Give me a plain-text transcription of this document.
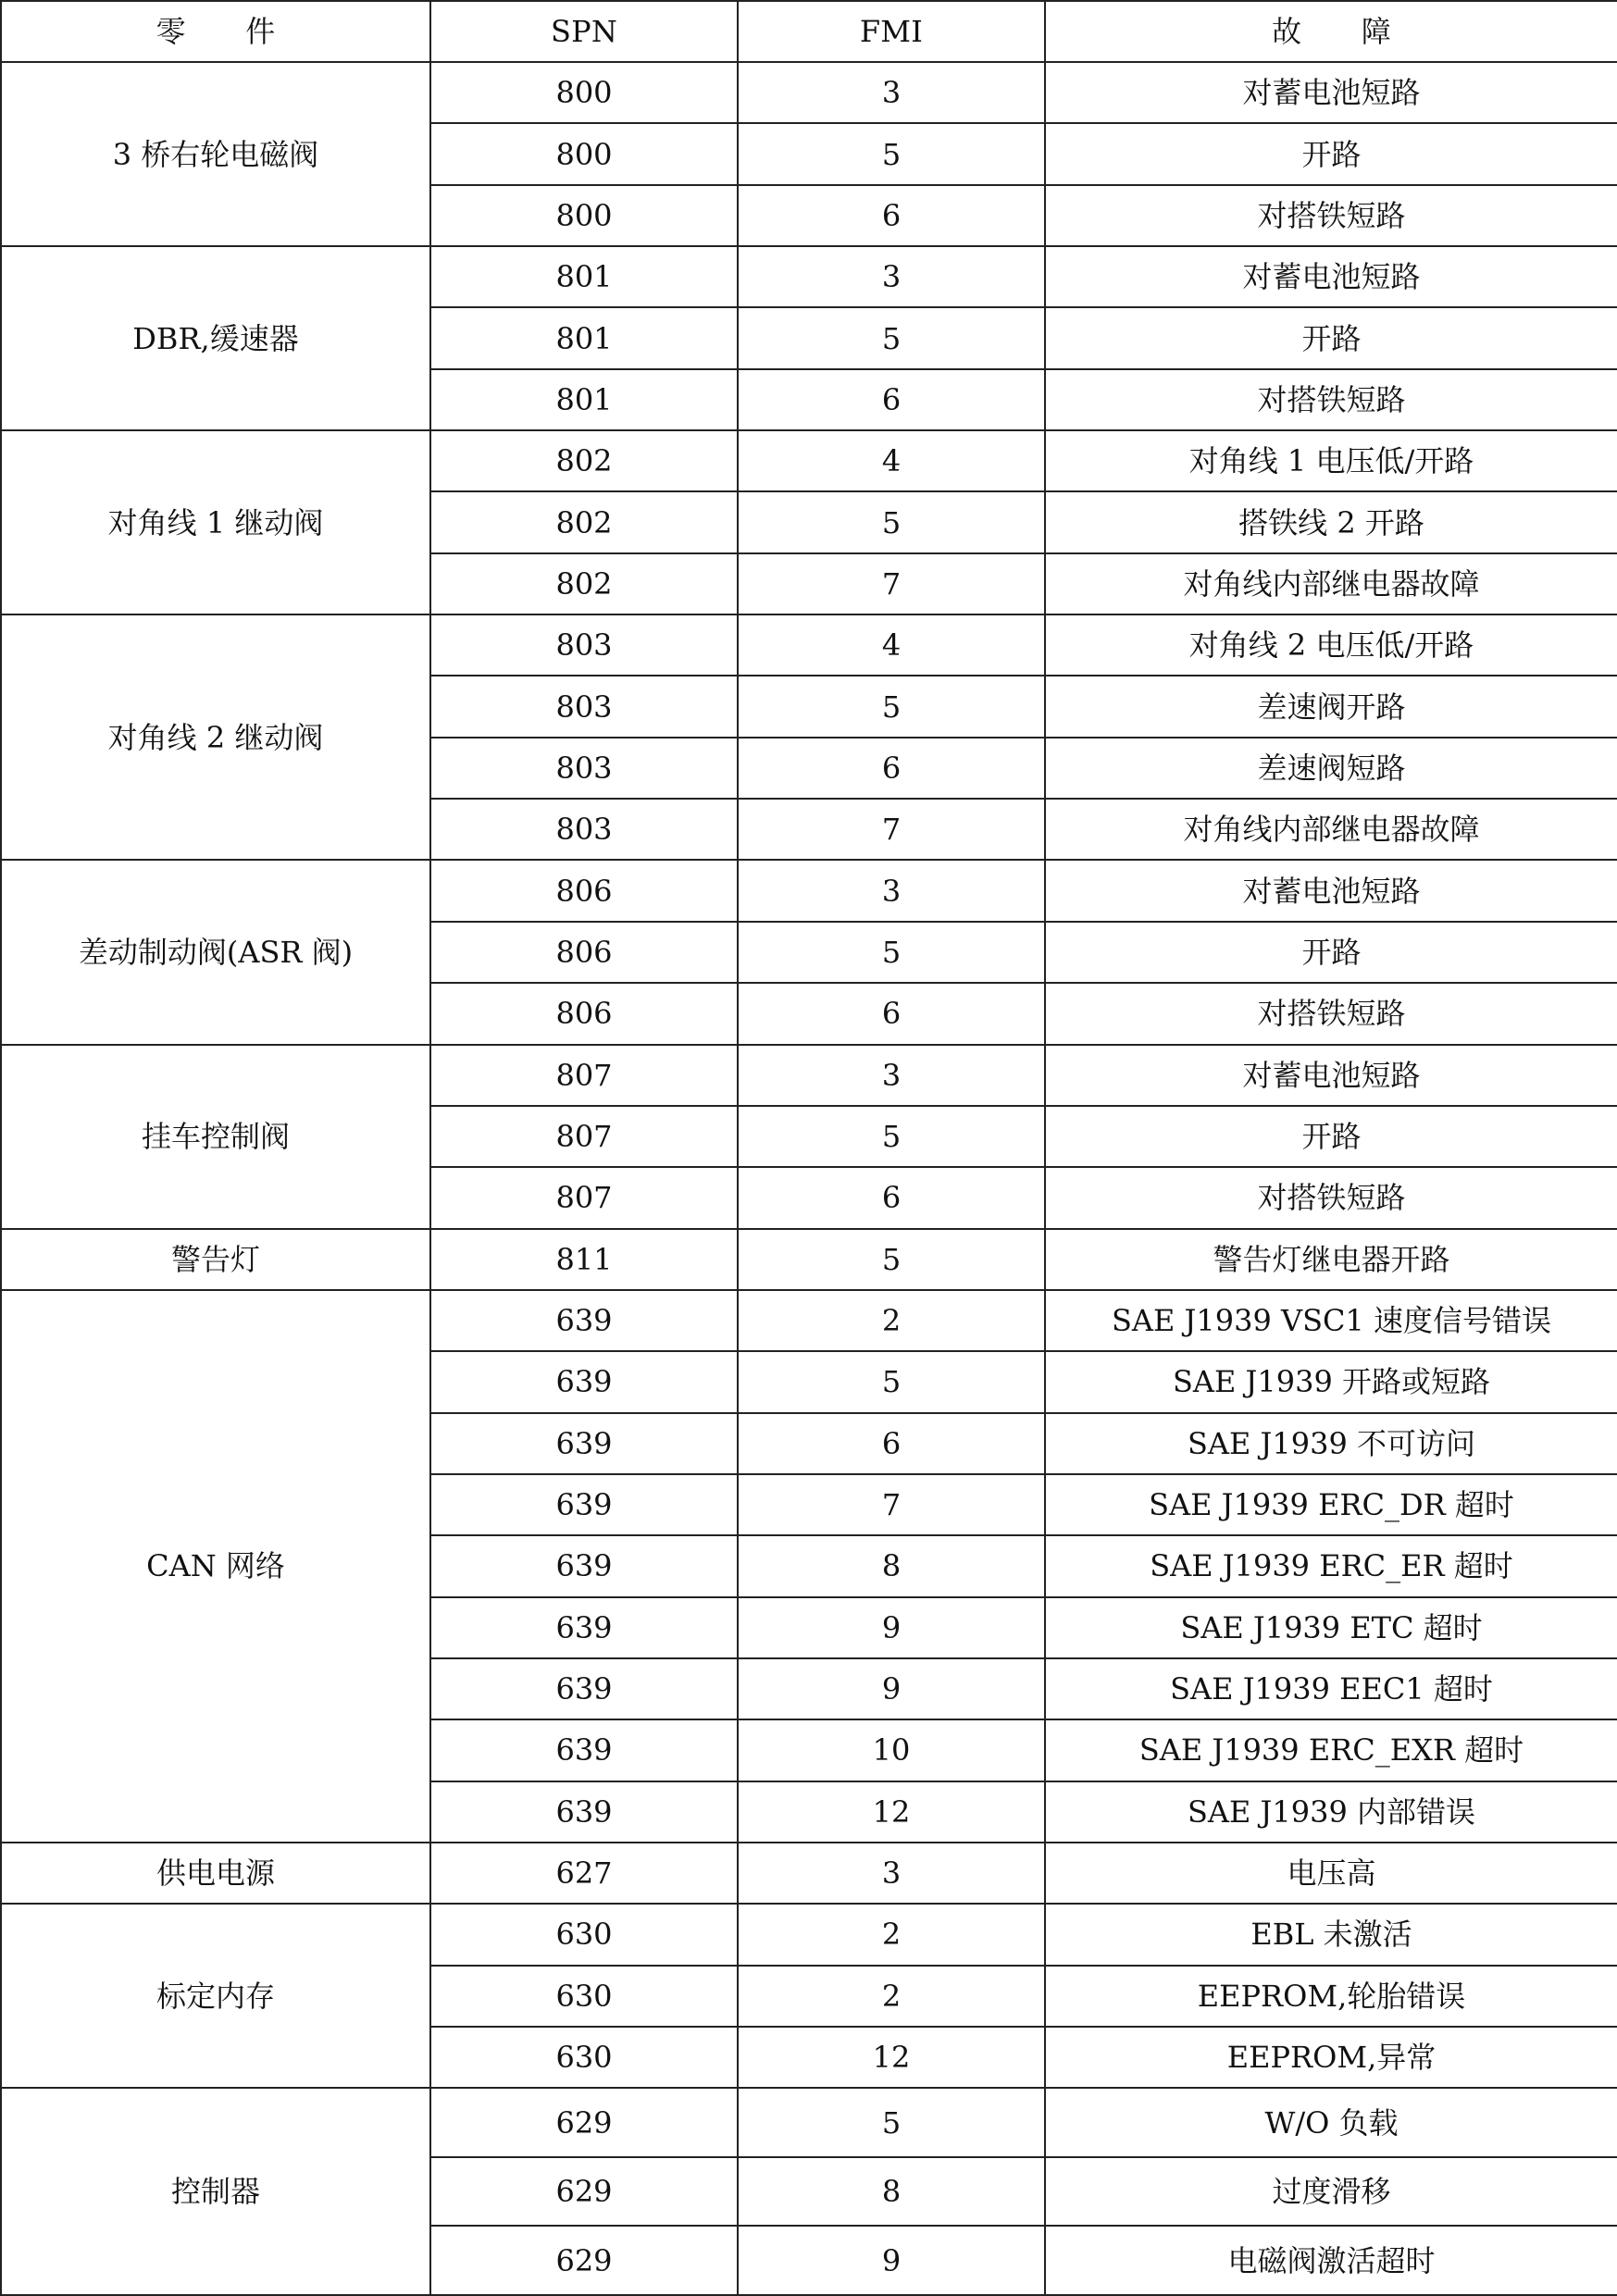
零　　件	SPN	FMI	故　　障
3 桥右轮电磁阀	800	3	对蓄电池短路
	800	5	开路
	800	6	对搭铁短路
DBR,缓速器	801	3	对蓄电池短路
	801	5	开路
	801	6	对搭铁短路
对角线 1 继动阀	802	4	对角线 1 电压低/开路
	802	5	搭铁线 2 开路
	802	7	对角线内部继电器故障
对角线 2 继动阀	803	4	对角线 2 电压低/开路
	803	5	差速阀开路
	803	6	差速阀短路
	803	7	对角线内部继电器故障
差动制动阀(ASR 阀)	806	3	对蓄电池短路
	806	5	开路
	806	6	对搭铁短路
挂车控制阀	807	3	对蓄电池短路
	807	5	开路
	807	6	对搭铁短路
警告灯	811	5	警告灯继电器开路
CAN 网络	639	2	SAE J1939 VSC1 速度信号错误
	639	5	SAE J1939 开路或短路
	639	6	SAE J1939 不可访问
	639	7	SAE J1939 ERC_DR 超时
	639	8	SAE J1939 ERC_ER 超时
	639	9	SAE J1939 ETC 超时
	639	9	SAE J1939 EEC1 超时
	639	10	SAE J1939 ERC_EXR 超时
	639	12	SAE J1939 内部错误
供电电源	627	3	电压高
标定内存	630	2	EBL 未激活
	630	2	EEPROM,轮胎错误
	630	12	EEPROM,异常
控制器	629	5	W/O 负载
	629	8	过度滑移
	629	9	电磁阀激活超时
